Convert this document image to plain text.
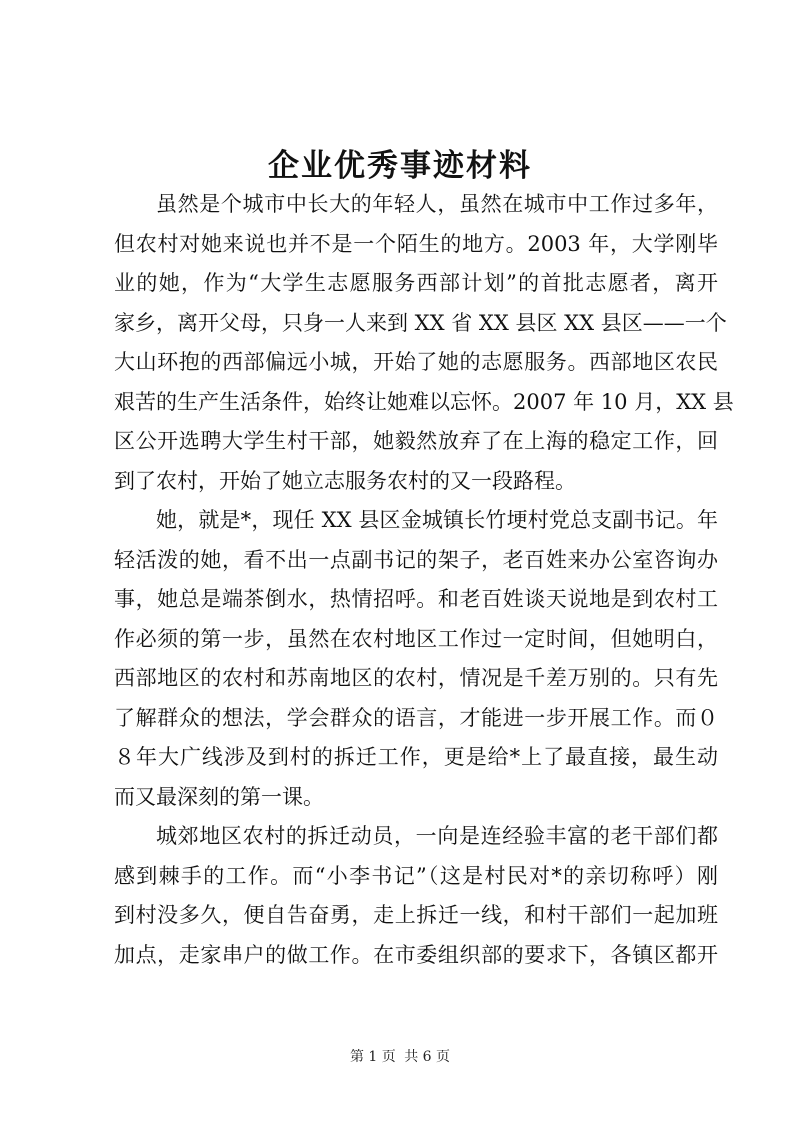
企业优秀事迹材料
虽然是个城市中长大的年轻人，虽然在城市中工作过多年，
但农村对她来说也并不是一个陌生的地方。2003 年，大学刚毕
业的她，作为“大学生志愿服务西部计划”的首批志愿者，离开
家乡，离开父母，只身一人来到 XX 省 XX 县区 XX 县区——一个
大山环抱的西部偏远小城，开始了她的志愿服务。西部地区农民
艰苦的生产生活条件，始终让她难以忘怀。2007 年 10 月，XX 县
区公开选聘大学生村干部，她毅然放弃了在上海的稳定工作，回
到了农村，开始了她立志服务农村的又一段路程。
她，就是*，现任 XX 县区金城镇长竹埂村党总支副书记。年
轻活泼的她，看不出一点副书记的架子，老百姓来办公室咨询办
事，她总是端茶倒水，热情招呼。和老百姓谈天说地是到农村工
作必须的第一步，虽然在农村地区工作过一定时间，但她明白，
西部地区的农村和苏南地区的农村，情况是千差万别的。只有先
了解群众的想法，学会群众的语言，才能进一步开展工作。而０
８年大广线涉及到村的拆迁工作，更是给*上了最直接，最生动
而又最深刻的第一课。
城郊地区农村的拆迁动员，一向是连经验丰富的老干部们都
感到棘手的工作。而“小李书记”（这是村民对*的亲切称呼）刚
到村没多久，便自告奋勇，走上拆迁一线，和村干部们一起加班
加点，走家串户的做工作。在市委组织部的要求下，各镇区都开
第 1 页 共 6 页
